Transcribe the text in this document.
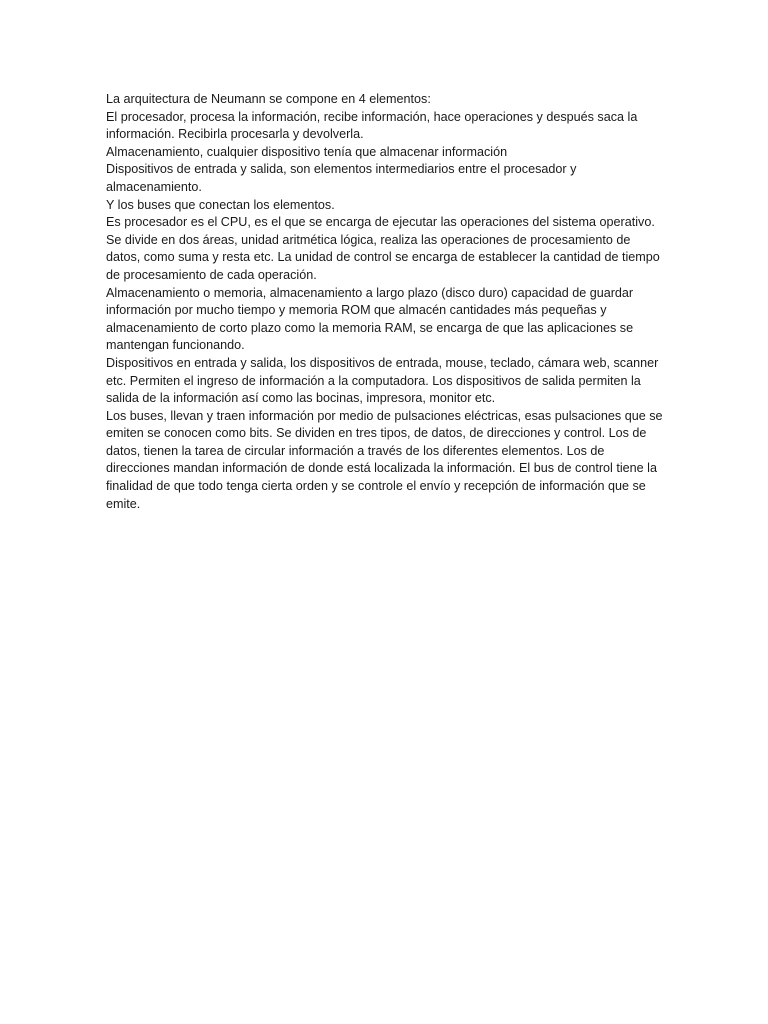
La arquitectura de Neumann se compone en 4 elementos:

El procesador, procesa la información, recibe información, hace operaciones y después saca la información. Recibirla procesarla y devolverla.

Almacenamiento, cualquier dispositivo tenía que almacenar información

Dispositivos de entrada y salida, son elementos intermediarios entre el procesador y almacenamiento.

Y los buses que conectan los elementos.

Es procesador es el CPU, es el que se encarga de ejecutar las operaciones del sistema operativo. Se divide en dos áreas, unidad aritmética lógica, realiza las operaciones de procesamiento de datos, como suma y resta etc. La unidad de control se encarga de establecer la cantidad de tiempo de procesamiento de cada operación.

Almacenamiento o memoria, almacenamiento a largo plazo (disco duro) capacidad de guardar información por mucho tiempo y memoria ROM que almacén cantidades más pequeñas y almacenamiento de corto plazo como la memoria RAM, se encarga de que las aplicaciones se mantengan funcionando.

Dispositivos en entrada y salida, los dispositivos de entrada, mouse, teclado, cámara web, scanner etc. Permiten el ingreso de información a la computadora. Los dispositivos de salida permiten la salida de la información así como las bocinas, impresora, monitor etc.

Los buses, llevan y traen información por medio de pulsaciones eléctricas, esas pulsaciones que se emiten se conocen como bits. Se dividen en tres tipos, de datos, de direcciones y control. Los de datos, tienen la tarea de circular información a través de los diferentes elementos. Los de direcciones mandan información de donde está localizada la información. El bus de control tiene la finalidad de que todo tenga cierta orden y se controle el envío y recepción de información que se emite.
